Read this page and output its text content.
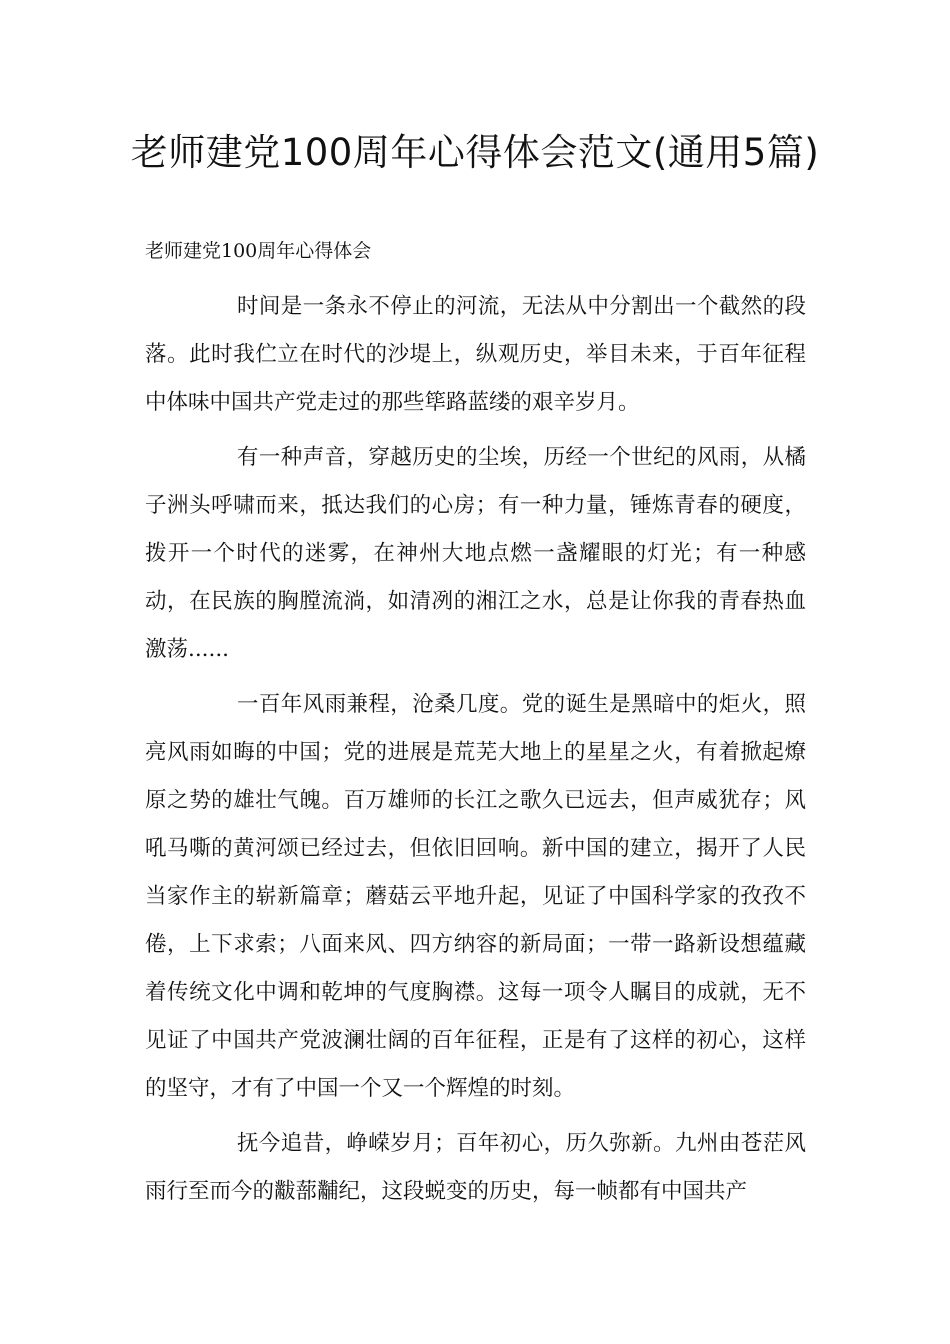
老师建党100周年心得体会范文(通用5篇)
老师建党100周年心得体会

时间是一条永不停止的河流，无法从中分割出一个截然的段落。此时我伫立在时代的沙堤上，纵观历史，举目未来，于百年征程中体味中国共产党走过的那些筚路蓝缕的艰辛岁月。

有一种声音，穿越历史的尘埃，历经一个世纪的风雨，从橘子洲头呼啸而来，抵达我们的心房；有一种力量，锤炼青春的硬度，拨开一个时代的迷雾，在神州大地点燃一盏耀眼的灯光；有一种感动，在民族的胸膛流淌，如清冽的湘江之水，总是让你我的青春热血激荡......

一百年风雨兼程，沧桑几度。党的诞生是黑暗中的炬火，照亮风雨如晦的中国；党的进展是荒芜大地上的星星之火，有着掀起燎原之势的雄壮气魄。百万雄师的长江之歌久已远去，但声威犹存；风吼马嘶的黄河颂已经过去，但依旧回响。新中国的建立，揭开了人民当家作主的崭新篇章；蘑菇云平地升起，见证了中国科学家的孜孜不倦，上下求索；八面来风、四方纳容的新局面；一带一路新设想蕴藏着传统文化中调和乾坤的气度胸襟。这每一项令人瞩目的成就，无不见证了中国共产党波澜壮阔的百年征程，正是有了这样的初心，这样的坚守，才有了中国一个又一个辉煌的时刻。

抚今追昔，峥嵘岁月；百年初心，历久弥新。九州由苍茫风雨行至而今的黻蔀黼纪，这段蜕变的历史，每一帧都有中国共产
